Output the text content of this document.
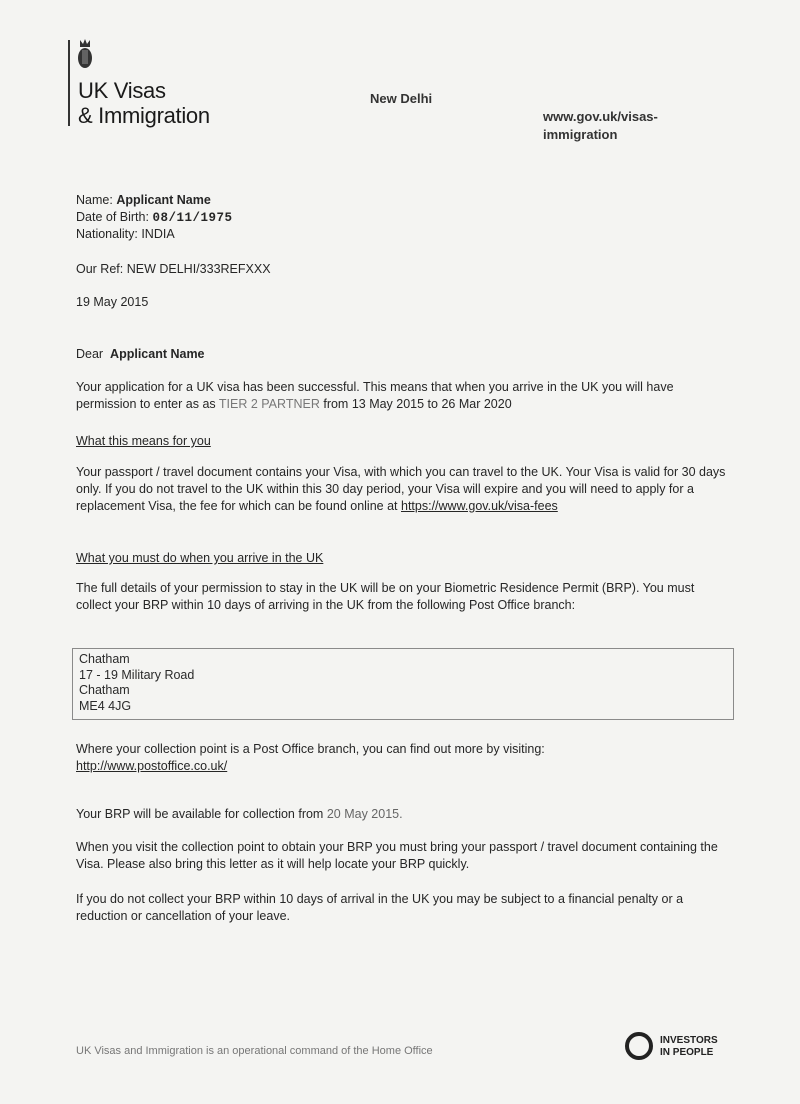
UK Visas
& Immigration
New Delhi
www.gov.uk/visas-immigration
Name: Applicant Name
Date of Birth: 08/11/1975
Nationality: INDIA
Our Ref: NEW DELHI/333REFXXX
19 May 2015
Dear Applicant Name
Your application for a UK visa has been successful. This means that when you arrive in the UK you will have permission to enter as as TIER 2 PARTNER from 13 May 2015 to 26 Mar 2020
What this means for you
Your passport / travel document contains your Visa, with which you can travel to the UK. Your Visa is valid for 30 days only. If you do not travel to the UK within this 30 day period, your Visa will expire and you will need to apply for a replacement Visa, the fee for which can be found online at https://www.gov.uk/visa-fees
What you must do when you arrive in the UK
The full details of your permission to stay in the UK will be on your Biometric Residence Permit (BRP). You must collect your BRP within 10 days of arriving in the UK from the following Post Office branch:
Chatham
17 - 19 Military Road
Chatham
ME4 4JG
Where your collection point is a Post Office branch, you can find out more by visiting:
http://www.postoffice.co.uk/
Your BRP will be available for collection from 20 May 2015.
When you visit the collection point to obtain your BRP you must bring your passport / travel document containing the Visa. Please also bring this letter as it will help locate your BRP quickly.
If you do not collect your BRP within 10 days of arrival in the UK you may be subject to a financial penalty or a reduction or cancellation of your leave.
UK Visas and Immigration is an operational command of the Home Office
INVESTORS
IN PEOPLE
